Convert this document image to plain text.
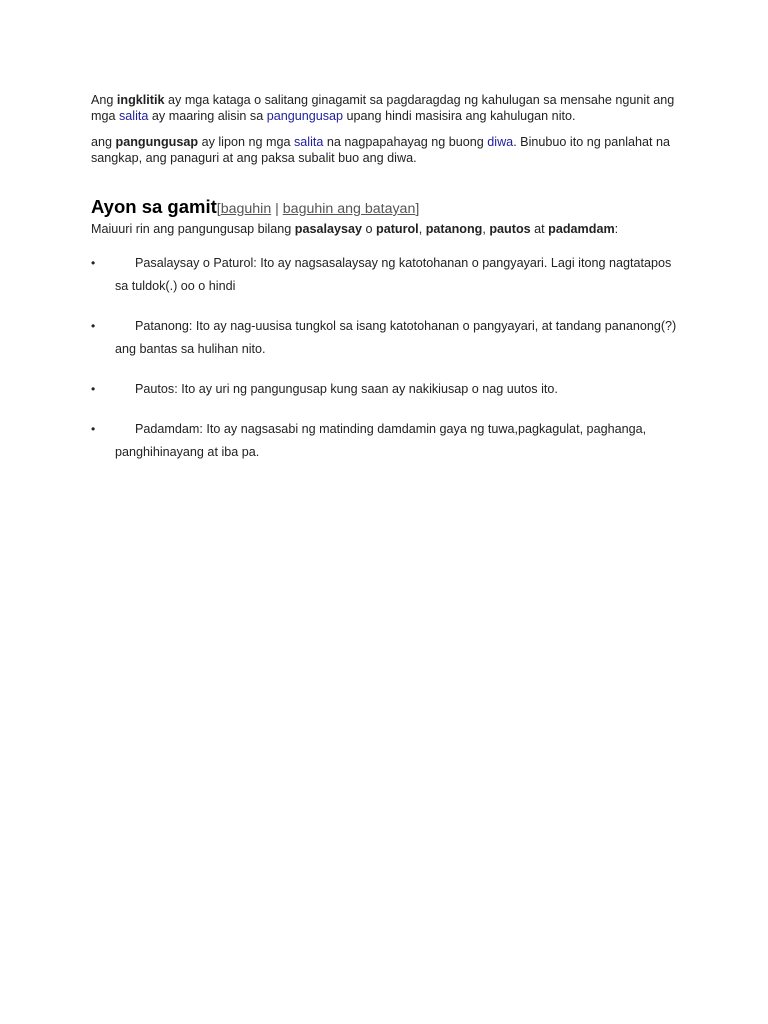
Ang ingklitik ay mga kataga o salitang ginagamit sa pagdaragdag ng kahulugan sa mensahe ngunit ang mga salita ay maaring alisin sa pangungusap upang hindi masisira ang kahulugan nito.

ang pangungusap ay lipon ng mga salita na nagpapahayag ng buong diwa. Binubuo ito ng panlahat na sangkap, ang panaguri at ang paksa subalit buo ang diwa.

Ayon sa gamit[baguhin | baguhin ang batayan]

Maiuuri rin ang pangungusap bilang pasalaysay o paturol, patanong, pautos at padamdam:

•	Pasalaysay o Paturol: Ito ay nagsasalaysay ng katotohanan o pangyayari. Lagi itong nagtatapos sa tuldok(.) oo o hindi
•	Patanong: Ito ay nag-uusisa tungkol sa isang katotohanan o pangyayari, at tandang pananong(?) ang bantas sa hulihan nito.
•	Pautos: Ito ay uri ng pangungusap kung saan ay nakikiusap o nag uutos ito.
•	Padamdam: Ito ay nagsasabi ng matinding damdamin gaya ng tuwa,pagkagulat, paghanga, panghihinayang at iba pa.
